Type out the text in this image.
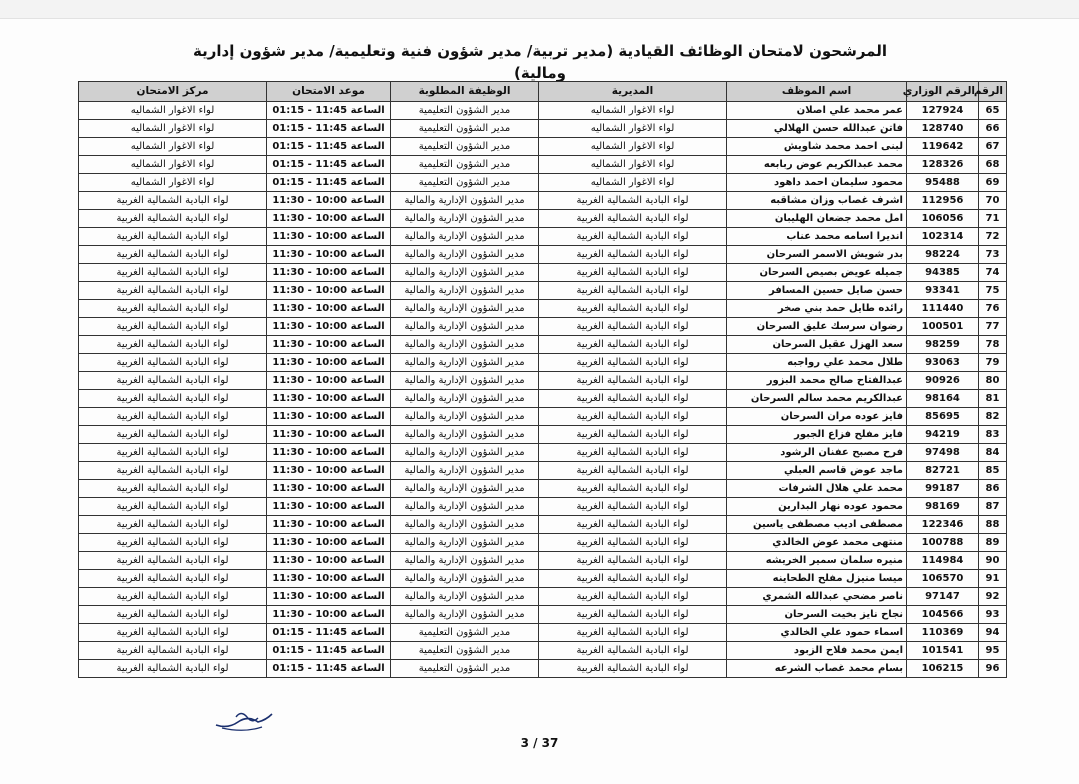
المرشحون لامتحان الوظائف القيادية (مدير تربية/ مدير شؤون فنية وتعليمية/ مدير شؤون إدارية
ومالية)
الرقم	الرقم الوزاري	اسم الموظف	المديرية	الوظيفة المطلوبة	موعد الامتحان	مركز الامتحان
65	127924	عمر محمد علي اصلان	لواء الاغوار الشماليه	مدير الشؤون التعليمية	الساعة 11:45 - 01:15	لواء الاغوار الشماليه
66	128740	فاتن عبدالله حسن الهلالي	لواء الاغوار الشماليه	مدير الشؤون التعليمية	الساعة 11:45 - 01:15	لواء الاغوار الشماليه
67	119642	لبنى احمد محمد شاويش	لواء الاغوار الشماليه	مدير الشؤون التعليمية	الساعة 11:45 - 01:15	لواء الاغوار الشماليه
68	128326	محمد عبدالكريم عوض ربابعه	لواء الاغوار الشماليه	مدير الشؤون التعليمية	الساعة 11:45 - 01:15	لواء الاغوار الشماليه
69	95488	محمود سليمان احمد داهود	لواء الاغوار الشماليه	مدير الشؤون التعليمية	الساعة 11:45 - 01:15	لواء الاغوار الشماليه
70	112956	اشرف غصاب وزان مشاقبه	لواء البادية الشمالية الغربية	مدير الشؤون الإدارية والمالية	الساعة 10:00 - 11:30	لواء البادية الشمالية الغربية
71	106056	امل محمد جضعان الهليبان	لواء البادية الشمالية الغربية	مدير الشؤون الإدارية والمالية	الساعة 10:00 - 11:30	لواء البادية الشمالية الغربية
72	102314	انديرا اسامه محمد عناب	لواء البادية الشمالية الغربية	مدير الشؤون الإدارية والمالية	الساعة 10:00 - 11:30	لواء البادية الشمالية الغربية
73	98224	بدر شويش الاسمر السرحان	لواء البادية الشمالية الغربية	مدير الشؤون الإدارية والمالية	الساعة 10:00 - 11:30	لواء البادية الشمالية الغربية
74	94385	جميله عويض بصيص السرحان	لواء البادية الشمالية الغربية	مدير الشؤون الإدارية والمالية	الساعة 10:00 - 11:30	لواء البادية الشمالية الغربية
75	93341	حسن صايل حسين المسافر	لواء البادية الشمالية الغربية	مدير الشؤون الإدارية والمالية	الساعة 10:00 - 11:30	لواء البادية الشمالية الغربية
76	111440	رائده طايل حمد بني صخر	لواء البادية الشمالية الغربية	مدير الشؤون الإدارية والمالية	الساعة 10:00 - 11:30	لواء البادية الشمالية الغربية
77	100501	رضوان سرسك عليق السرحان	لواء البادية الشمالية الغربية	مدير الشؤون الإدارية والمالية	الساعة 10:00 - 11:30	لواء البادية الشمالية الغربية
78	98259	سعد الهزل عقيل السرحان	لواء البادية الشمالية الغربية	مدير الشؤون الإدارية والمالية	الساعة 10:00 - 11:30	لواء البادية الشمالية الغربية
79	93063	طلال محمد علي رواجبه	لواء البادية الشمالية الغربية	مدير الشؤون الإدارية والمالية	الساعة 10:00 - 11:30	لواء البادية الشمالية الغربية
80	90926	عبدالفتاح صالح محمد البزور	لواء البادية الشمالية الغربية	مدير الشؤون الإدارية والمالية	الساعة 10:00 - 11:30	لواء البادية الشمالية الغربية
81	98164	عبدالكريم محمد سالم السرحان	لواء البادية الشمالية الغربية	مدير الشؤون الإدارية والمالية	الساعة 10:00 - 11:30	لواء البادية الشمالية الغربية
82	85695	فايز عوده مران السرحان	لواء البادية الشمالية الغربية	مدير الشؤون الإدارية والمالية	الساعة 10:00 - 11:30	لواء البادية الشمالية الغربية
83	94219	فايز مفلح فزاع الجبور	لواء البادية الشمالية الغربية	مدير الشؤون الإدارية والمالية	الساعة 10:00 - 11:30	لواء البادية الشمالية الغربية
84	97498	فرح مصبح عفنان الرشود	لواء البادية الشمالية الغربية	مدير الشؤون الإدارية والمالية	الساعة 10:00 - 11:30	لواء البادية الشمالية الغربية
85	82721	ماجد عوض قاسم العبلي	لواء البادية الشمالية الغربية	مدير الشؤون الإدارية والمالية	الساعة 10:00 - 11:30	لواء البادية الشمالية الغربية
86	99187	محمد علي هلال الشرفات	لواء البادية الشمالية الغربية	مدير الشؤون الإدارية والمالية	الساعة 10:00 - 11:30	لواء البادية الشمالية الغربية
87	98169	محمود عوده نهار البدارين	لواء البادية الشمالية الغربية	مدير الشؤون الإدارية والمالية	الساعة 10:00 - 11:30	لواء البادية الشمالية الغربية
88	122346	مصطفى اديب مصطفى ياسين	لواء البادية الشمالية الغربية	مدير الشؤون الإدارية والمالية	الساعة 10:00 - 11:30	لواء البادية الشمالية الغربية
89	100788	منتهى محمد عوض الخالدي	لواء البادية الشمالية الغربية	مدير الشؤون الإدارية والمالية	الساعة 10:00 - 11:30	لواء البادية الشمالية الغربية
90	114984	منيره سلمان سمير الخريشه	لواء البادية الشمالية الغربية	مدير الشؤون الإدارية والمالية	الساعة 10:00 - 11:30	لواء البادية الشمالية الغربية
91	106570	ميسا منيزل مفلح الطحاينه	لواء البادية الشمالية الغربية	مدير الشؤون الإدارية والمالية	الساعة 10:00 - 11:30	لواء البادية الشمالية الغربية
92	97147	ناصر مضحي عبدالله الشمري	لواء البادية الشمالية الغربية	مدير الشؤون الإدارية والمالية	الساعة 10:00 - 11:30	لواء البادية الشمالية الغربية
93	104566	نجاح نايز بخيت السرحان	لواء البادية الشمالية الغربية	مدير الشؤون الإدارية والمالية	الساعة 10:00 - 11:30	لواء البادية الشمالية الغربية
94	110369	اسماء حمود علي الخالدي	لواء البادية الشمالية الغربية	مدير الشؤون التعليمية	الساعة 11:45 - 01:15	لواء البادية الشمالية الغربية
95	101541	ايمن محمد فلاح الزبود	لواء البادية الشمالية الغربية	مدير الشؤون التعليمية	الساعة 11:45 - 01:15	لواء البادية الشمالية الغربية
96	106215	بسام محمد غصاب الشرعه	لواء البادية الشمالية الغربية	مدير الشؤون التعليمية	الساعة 11:45 - 01:15	لواء البادية الشمالية الغربية
3 / 37
